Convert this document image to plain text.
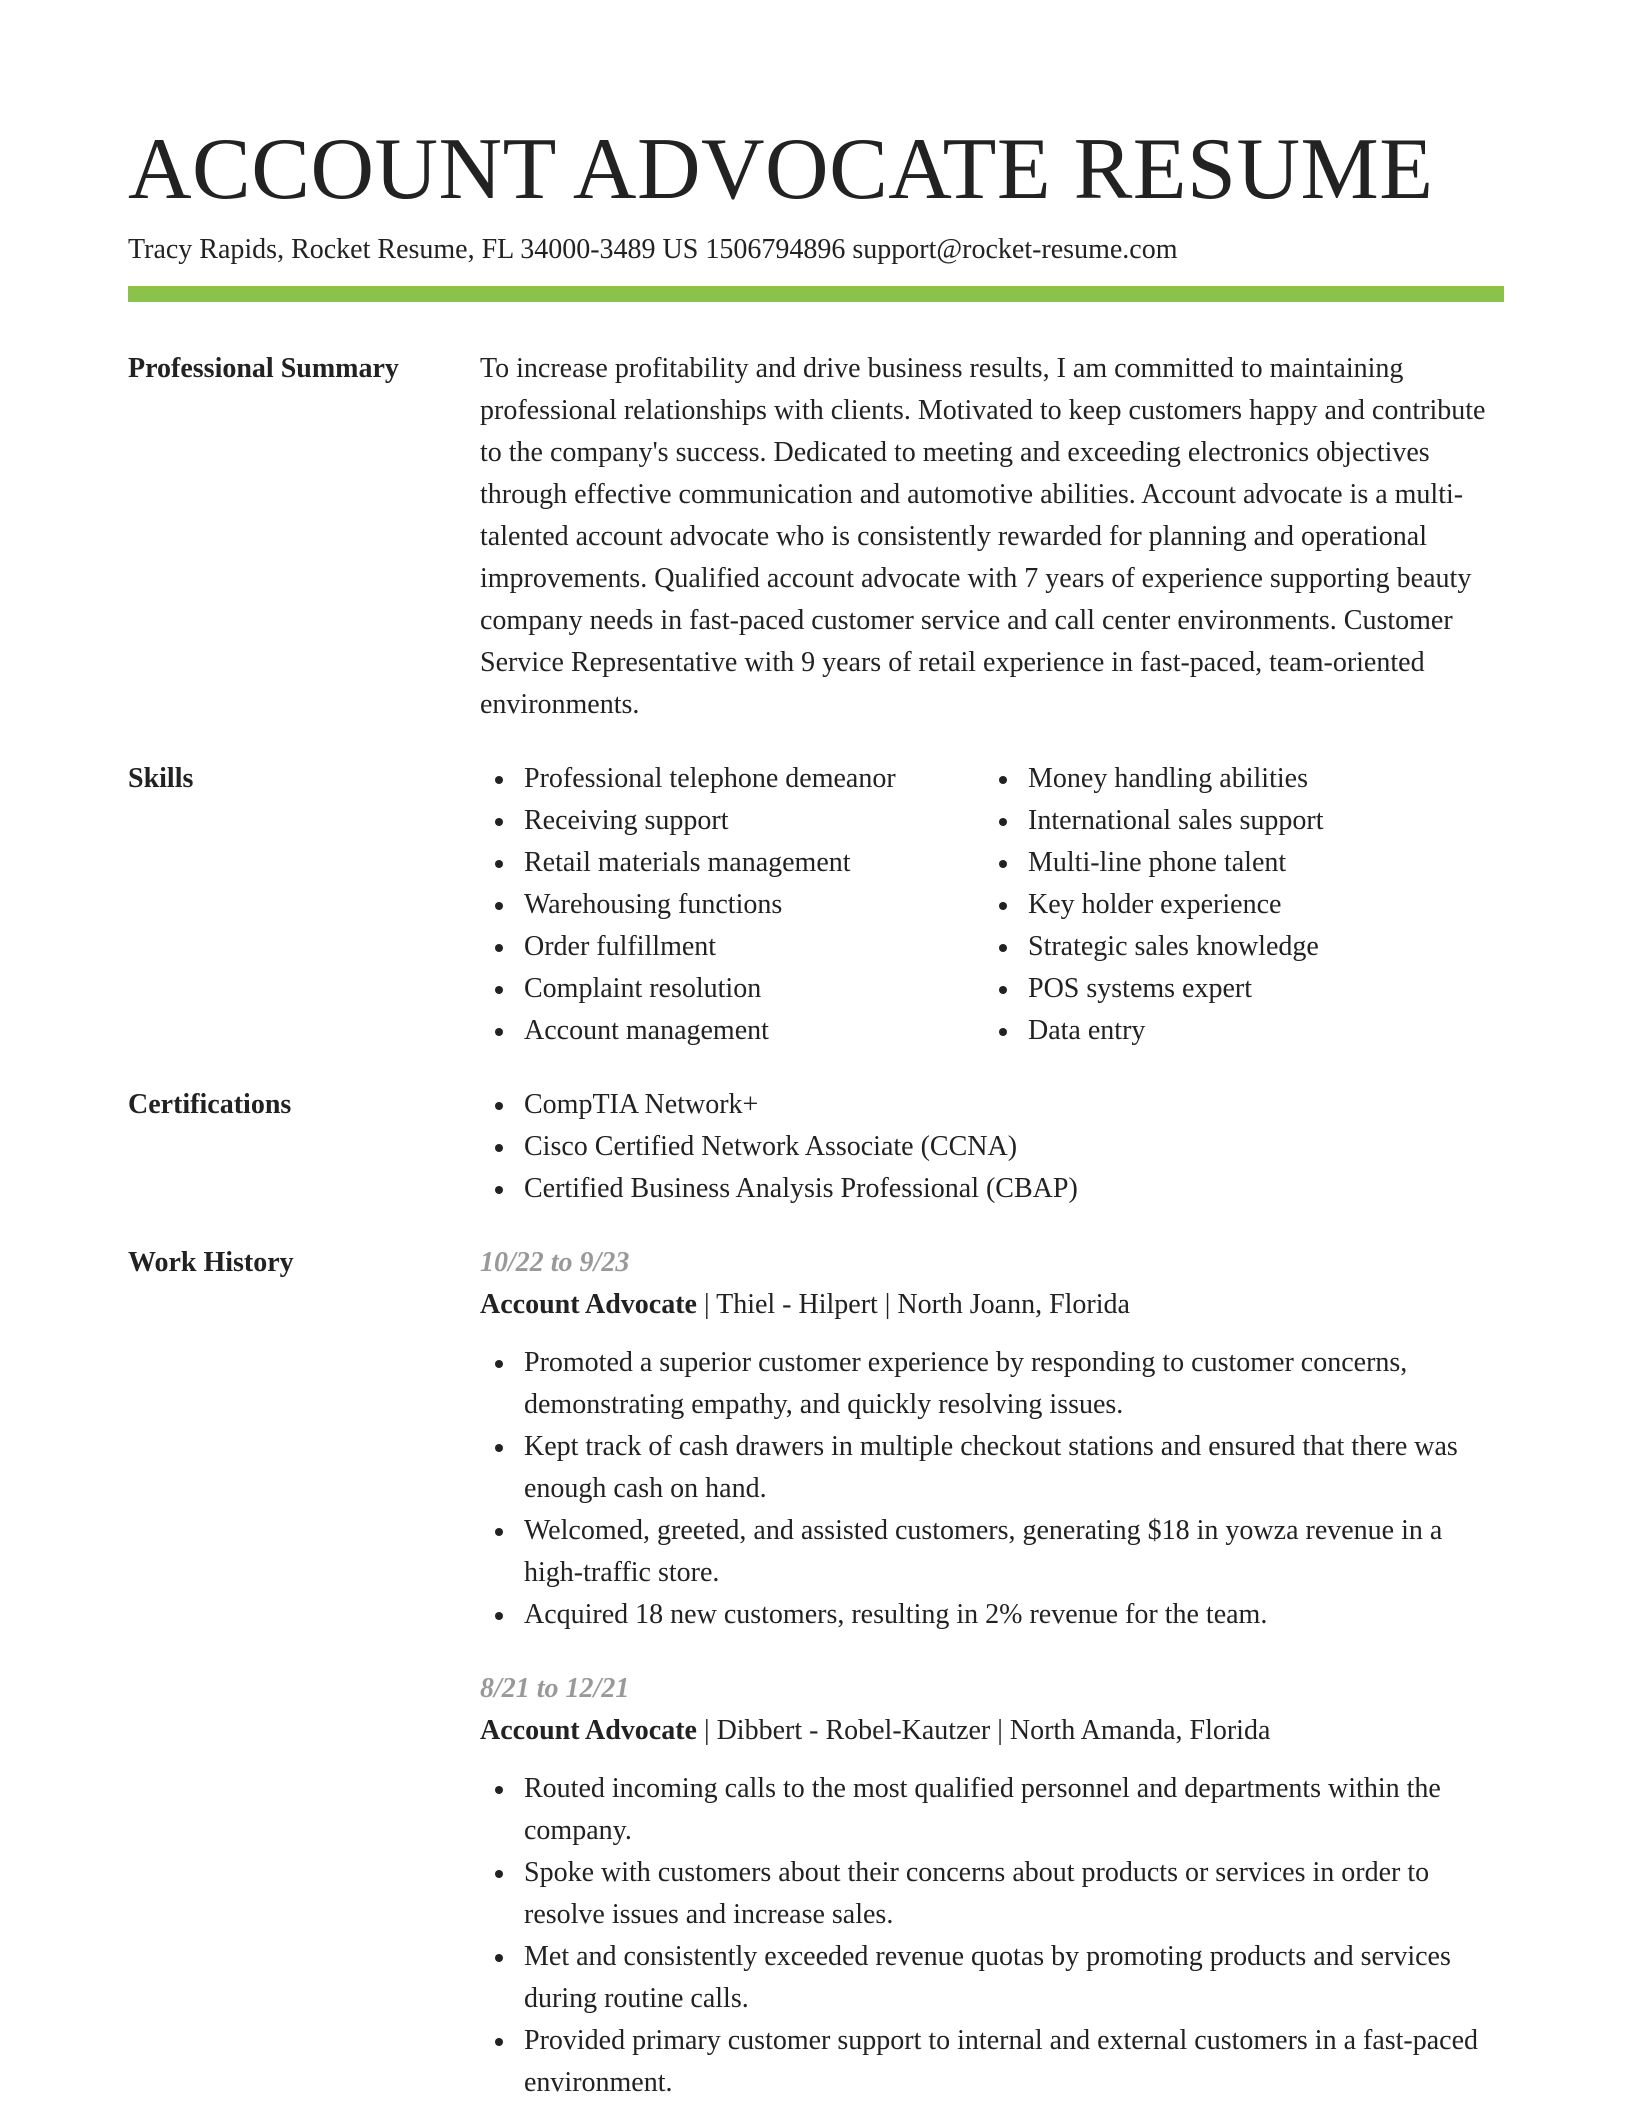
ACCOUNT ADVOCATE RESUME
Tracy Rapids, Rocket Resume, FL 34000-3489 US 1506794896 support@rocket-resume.com
Professional Summary	To increase profitability and drive business results, I am committed to maintaining professional relationships with clients. Motivated to keep customers happy and contribute to the company's success. Dedicated to meeting and exceeding electronics objectives through effective communication and automotive abilities. Account advocate is a multi-talented account advocate who is consistently rewarded for planning and operational improvements. Qualified account advocate with 7 years of experience supporting beauty company needs in fast-paced customer service and call center environments. Customer Service Representative with 9 years of retail experience in fast-paced, team-oriented environments.

Skills	Professional telephone demeanor
Receiving support
Retail materials management
Warehousing functions
Order fulfillment
Complaint resolution
Account management
Money handling abilities
International sales support
Multi-line phone talent
Key holder experience
Strategic sales knowledge
POS systems expert
Data entry
Certifications	CompTIA Network+
Cisco Certified Network Associate (CCNA)
Certified Business Analysis Professional (CBAP)
Work History	10/22 to 9/23
Account Advocate | Thiel - Hilpert | North Joann, Florida
Promoted a superior customer experience by responding to customer concerns, demonstrating empathy, and quickly resolving issues.
Kept track of cash drawers in multiple checkout stations and ensured that there was enough cash on hand.
Welcomed, greeted, and assisted customers, generating $18 in yowza revenue in a high-traffic store.
Acquired 18 new customers, resulting in 2% revenue for the team.
8/21 to 12/21
Account Advocate | Dibbert - Robel-Kautzer | North Amanda, Florida
Routed incoming calls to the most qualified personnel and departments within the company.
Spoke with customers about their concerns about products or services in order to resolve issues and increase sales.
Met and consistently exceeded revenue quotas by promoting products and services during routine calls.
Provided primary customer support to internal and external customers in a fast-paced environment.
